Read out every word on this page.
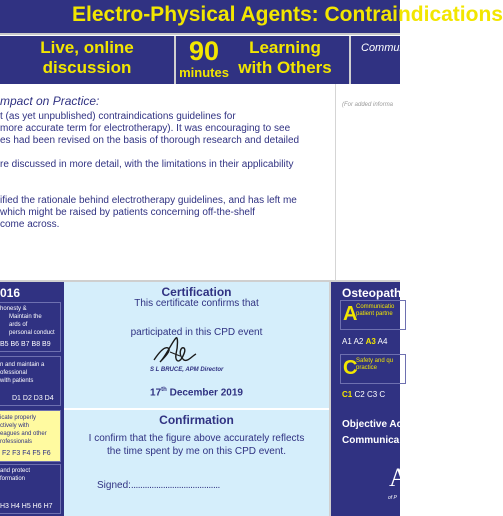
Electro-Physical Agents: Contraindications
Live, online
discussion
90
minutes
Learning
with Others
Commun
mpact on Practice:
t (as yet unpublished) contraindications guidelines for
more accurate term for electrotherapy). It was encouraging to see
es had been revised on the basis of thorough research and detailed
re discussed in more detail, with the limitations in their applicability
ified the rationale behind electrotherapy guidelines, and has left me
which might be raised by patients concerning off-the-shelf
come across.
(For added informa
016
honesty &
Maintain the
ards of
personal conduct
B5 B6 B7 B8 B9
n and maintain a
ofessional
with patients
D1 D2 D3 D4
icate properly
ctively with
eagues and other
rofessionals
F2 F3 F4 F5 F6
and protect
formation
H3 H4 H5 H6 H7
Certification

This certificate confirms that

participated in this CPD event

S L BRUCE, APM Director
17th December 2019
Confirmation

I confirm that the figure above accurately reflects

the time spent by me on this CPD event.

Signed:.......................................
Osteopath
A
Communicatio
patient partne
A1 A2 A3 A4
C
Safety and qu
practice
C1 C2 C3 C
Objective Ac
Communica
A
of P
